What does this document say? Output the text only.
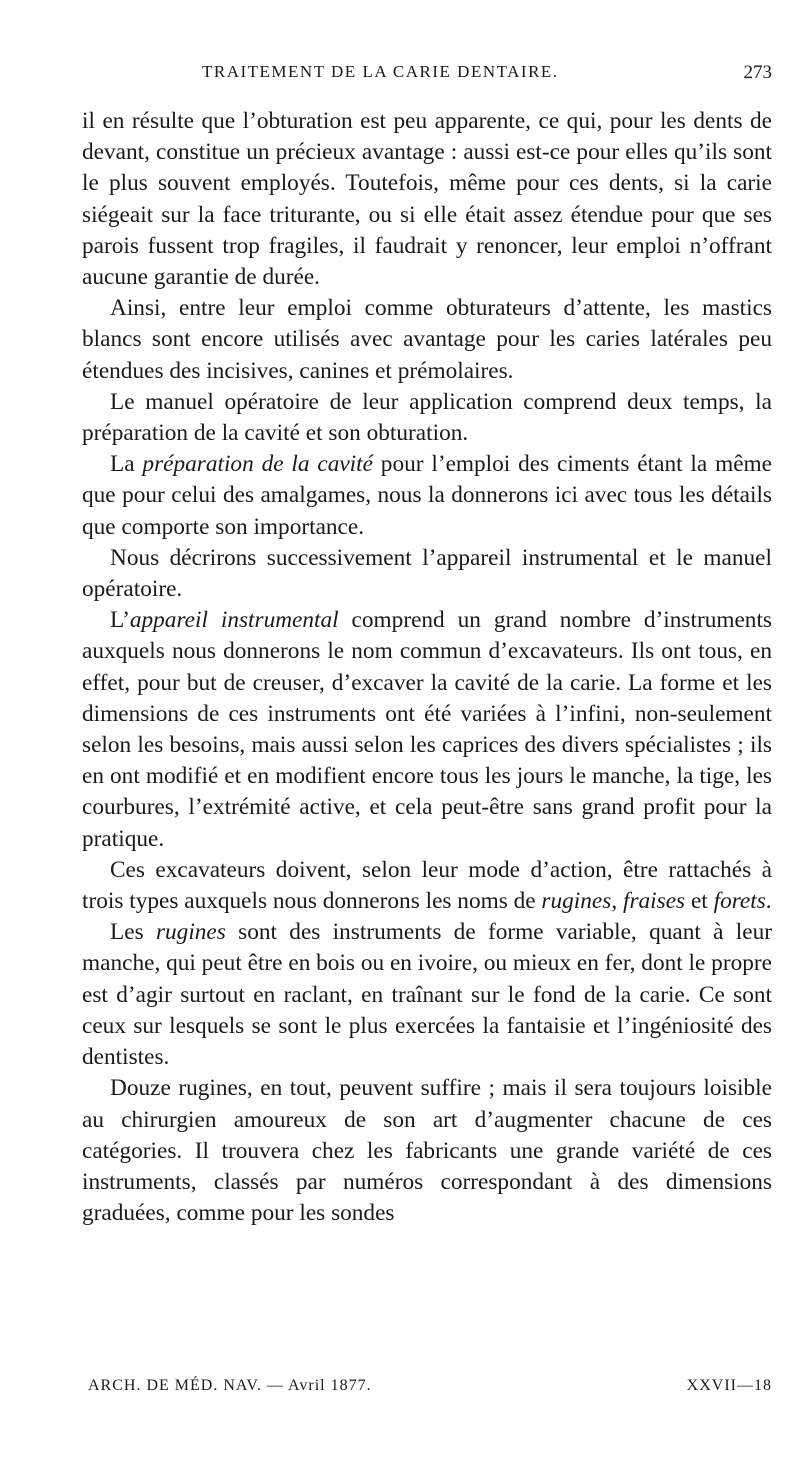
TRAITEMENT DE LA CARIE DENTAIRE.	273

il en résulte que l’obturation est peu apparente, ce qui, pour les dents de devant, constitue un précieux avantage : aussi est-ce pour elles qu’ils sont le plus souvent employés. Toutefois, même pour ces dents, si la carie siégeait sur la face triturante, ou si elle était assez étendue pour que ses parois fussent trop fragiles, il faudrait y renoncer, leur emploi n’offrant aucune garantie de durée.

Ainsi, entre leur emploi comme obturateurs d’attente, les mastics blancs sont encore utilisés avec avantage pour les caries latérales peu étendues des incisives, canines et prémolaires.

Le manuel opératoire de leur application comprend deux temps, la préparation de la cavité et son obturation.

La préparation de la cavité pour l’emploi des ciments étant la même que pour celui des amalgames, nous la donnerons ici avec tous les détails que comporte son importance.

Nous décrirons successivement l’appareil instrumental et le manuel opératoire.

L’appareil instrumental comprend un grand nombre d’instruments auxquels nous donnerons le nom commun d’excavateurs. Ils ont tous, en effet, pour but de creuser, d’excaver la cavité de la carie. La forme et les dimensions de ces instruments ont été variées à l’infini, non-seulement selon les besoins, mais aussi selon les caprices des divers spécialistes ; ils en ont modifié et en modifient encore tous les jours le manche, la tige, les courbures, l’extrémité active, et cela peut-être sans grand profit pour la pratique.

Ces excavateurs doivent, selon leur mode d’action, être rattachés à trois types auxquels nous donnerons les noms de rugines, fraises et forets.

Les rugines sont des instruments de forme variable, quant à leur manche, qui peut être en bois ou en ivoire, ou mieux en fer, dont le propre est d’agir surtout en raclant, en traînant sur le fond de la carie. Ce sont ceux sur lesquels se sont le plus exercées la fantaisie et l’ingéniosité des dentistes.

Douze rugines, en tout, peuvent suffire ; mais il sera toujours loisible au chirurgien amoureux de son art d’augmenter chacune de ces catégories. Il trouvera chez les fabricants une grande variété de ces instruments, classés par numéros correspondant à des dimensions graduées, comme pour les sondes

ARCH. DE MÉD. NAV. — Avril 1877.	XXVII—18
